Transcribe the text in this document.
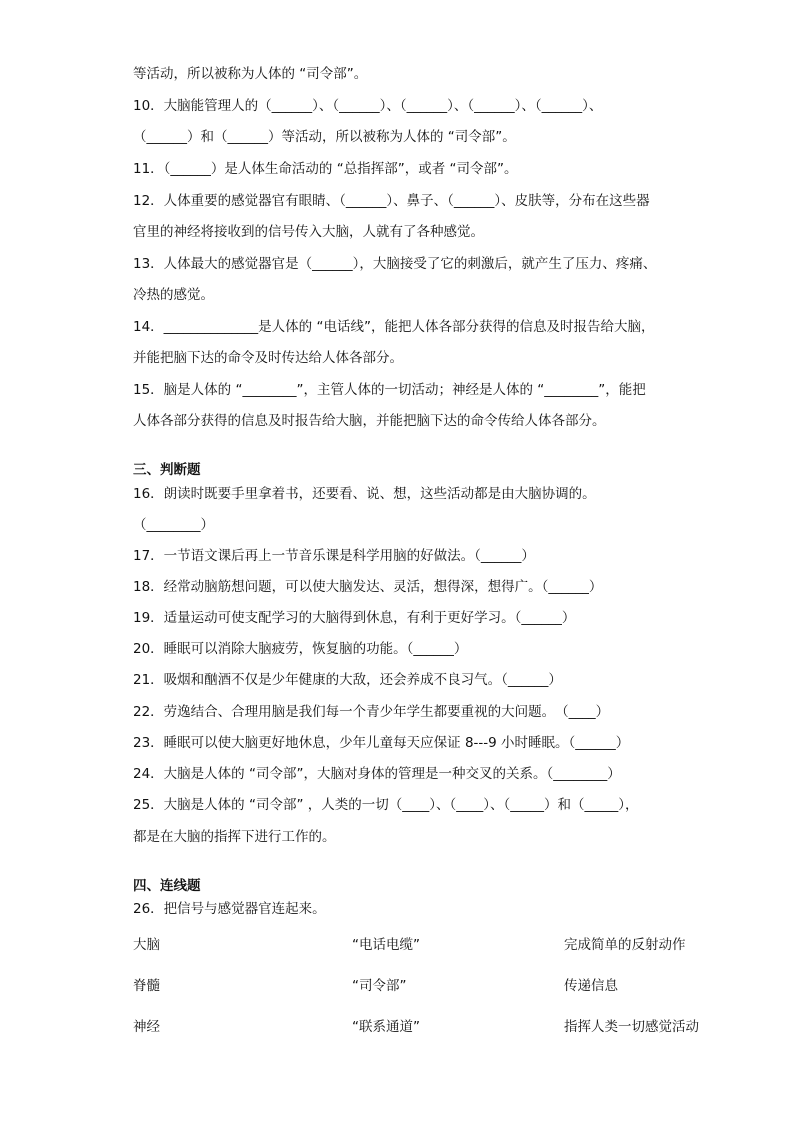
等活动，所以被称为人体的 “司令部”。
10．大脑能管理人的（______）、（______）、（______）、（______）、（______）、
（______）和（______）等活动，所以被称为人体的 “司令部”。
11．（______）是人体生命活动的 “总指挥部”，或者 “司令部”。
12．人体重要的感觉器官有眼睛、（______）、鼻子、（______）、皮肤等，分布在这些器
官里的神经将接收到的信号传入大脑，人就有了各种感觉。
13．人体最大的感觉器官是（______），大脑接受了它的刺激后，就产生了压力、疼痛、
冷热的感觉。
14．______________是人体的 “电话线”，能把人体各部分获得的信息及时报告给大脑，
并能把脑下达的命令及时传达给人体各部分。
15．脑是人体的 “________”，主管人体的一切活动；神经是人体的 “________”，能把
人体各部分获得的信息及时报告给大脑，并能把脑下达的命令传给人体各部分。
三、判断题
16．朗读时既要手里拿着书，还要看、说、想，这些活动都是由大脑协调的。
（________）
17．一节语文课后再上一节音乐课是科学用脑的好做法。（______）
18．经常动脑筋想问题，可以使大脑发达、灵活，想得深，想得广。（______）
19．适量运动可使支配学习的大脑得到休息，有利于更好学习。（______）
20．睡眠可以消除大脑疲劳，恢复脑的功能。（______）
21．吸烟和酗酒不仅是少年健康的大敌，还会养成不良习气。（______）
22．劳逸结合、合理用脑是我们每一个青少年学生都要重视的大问题。　（____）
23．睡眠可以使大脑更好地休息，少年儿童每天应保证 8---9 小时睡眠。（______）
24．大脑是人体的 “司令部”，大脑对身体的管理是一种交叉的关系。（________）
25．大脑是人体的 “司令部” ，人类的一切（____）、（____）、（_____）和（_____），
都是在大脑的指挥下进行工作的。
四、连线题
26．把信号与感觉器官连起来。
大脑	“电话电缆”	完成简单的反射动作
脊髓	“司令部”	传递信息
神经	“联系通道”	指挥人类一切感觉活动
